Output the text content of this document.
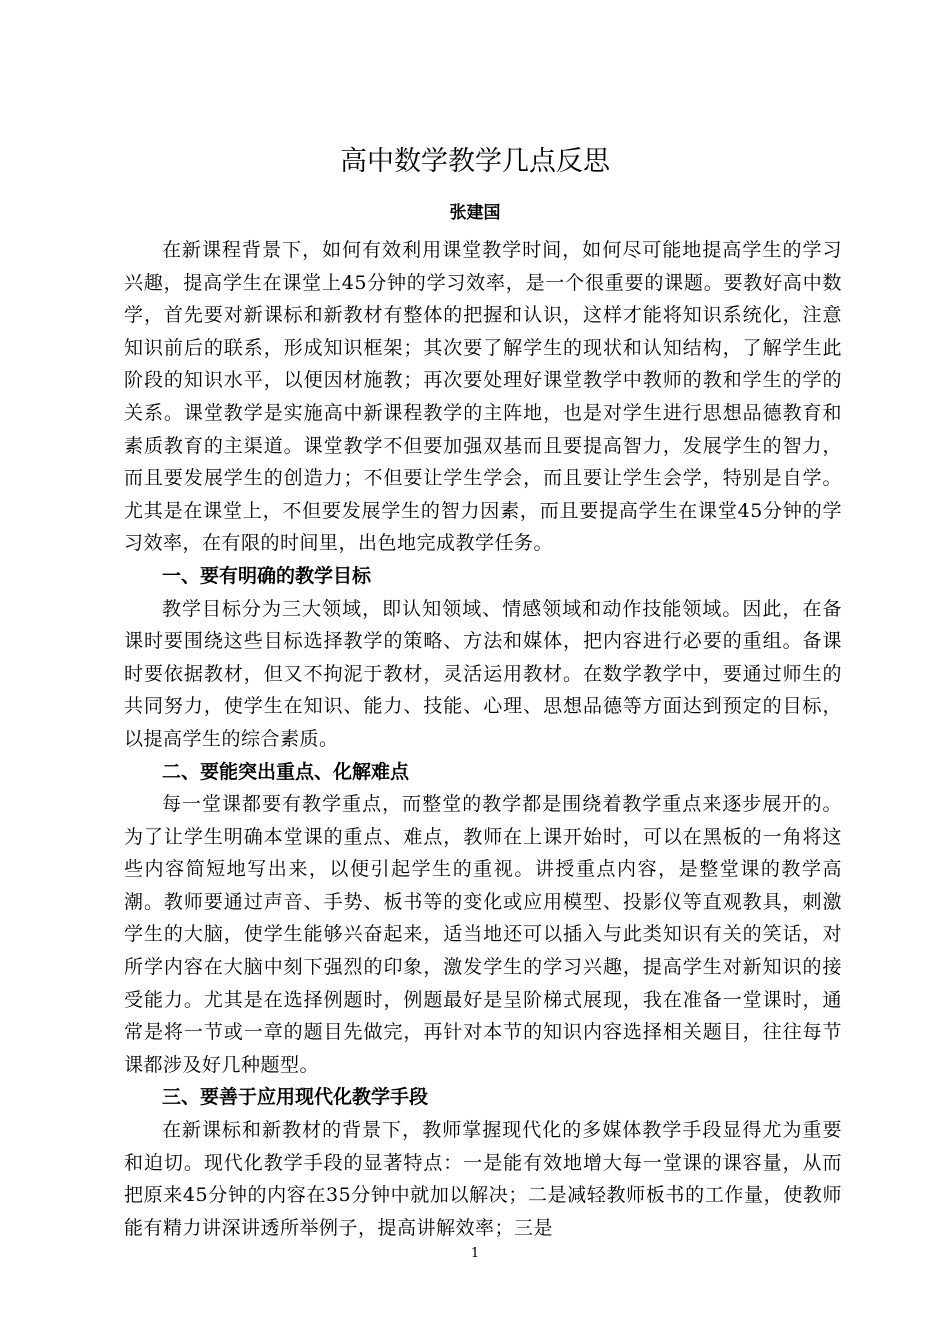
高中数学教学几点反思
张建国

在新课程背景下，如何有效利用课堂教学时间，如何尽可能地提高学生的学习兴趣，提高学生在课堂上45分钟的学习效率，是一个很重要的课题。要教好高中数学，首先要对新课标和新教材有整体的把握和认识，这样才能将知识系统化，注意知识前后的联系，形成知识框架；其次要了解学生的现状和认知结构，了解学生此阶段的知识水平，以便因材施教；再次要处理好课堂教学中教师的教和学生的学的关系。课堂教学是实施高中新课程教学的主阵地，也是对学生进行思想品德教育和素质教育的主渠道。课堂教学不但要加强双基而且要提高智力，发展学生的智力，而且要发展学生的创造力；不但要让学生学会，而且要让学生会学，特别是自学。尤其是在课堂上，不但要发展学生的智力因素，而且要提高学生在课堂45分钟的学习效率，在有限的时间里，出色地完成教学任务。

一、要有明确的教学目标

教学目标分为三大领域，即认知领域、情感领域和动作技能领域。因此，在备课时要围绕这些目标选择教学的策略、方法和媒体，把内容进行必要的重组。备课时要依据教材，但又不拘泥于教材，灵活运用教材。在数学教学中，要通过师生的共同努力，使学生在知识、能力、技能、心理、思想品德等方面达到预定的目标，以提高学生的综合素质。

二、要能突出重点、化解难点

每一堂课都要有教学重点，而整堂的教学都是围绕着教学重点来逐步展开的。为了让学生明确本堂课的重点、难点，教师在上课开始时，可以在黑板的一角将这些内容简短地写出来，以便引起学生的重视。讲授重点内容，是整堂课的教学高潮。教师要通过声音、手势、板书等的变化或应用模型、投影仪等直观教具，刺激学生的大脑，使学生能够兴奋起来，适当地还可以插入与此类知识有关的笑话，对所学内容在大脑中刻下强烈的印象，激发学生的学习兴趣，提高学生对新知识的接受能力。尤其是在选择例题时，例题最好是呈阶梯式展现，我在准备一堂课时，通常是将一节或一章的题目先做完，再针对本节的知识内容选择相关题目，往往每节课都涉及好几种题型。

三、要善于应用现代化教学手段

在新课标和新教材的背景下，教师掌握现代化的多媒体教学手段显得尤为重要和迫切。现代化教学手段的显著特点：一是能有效地增大每一堂课的课容量，从而把原来45分钟的内容在35分钟中就加以解决；二是减轻教师板书的工作量，使教师能有精力讲深讲透所举例子，提高讲解效率；三是

1
